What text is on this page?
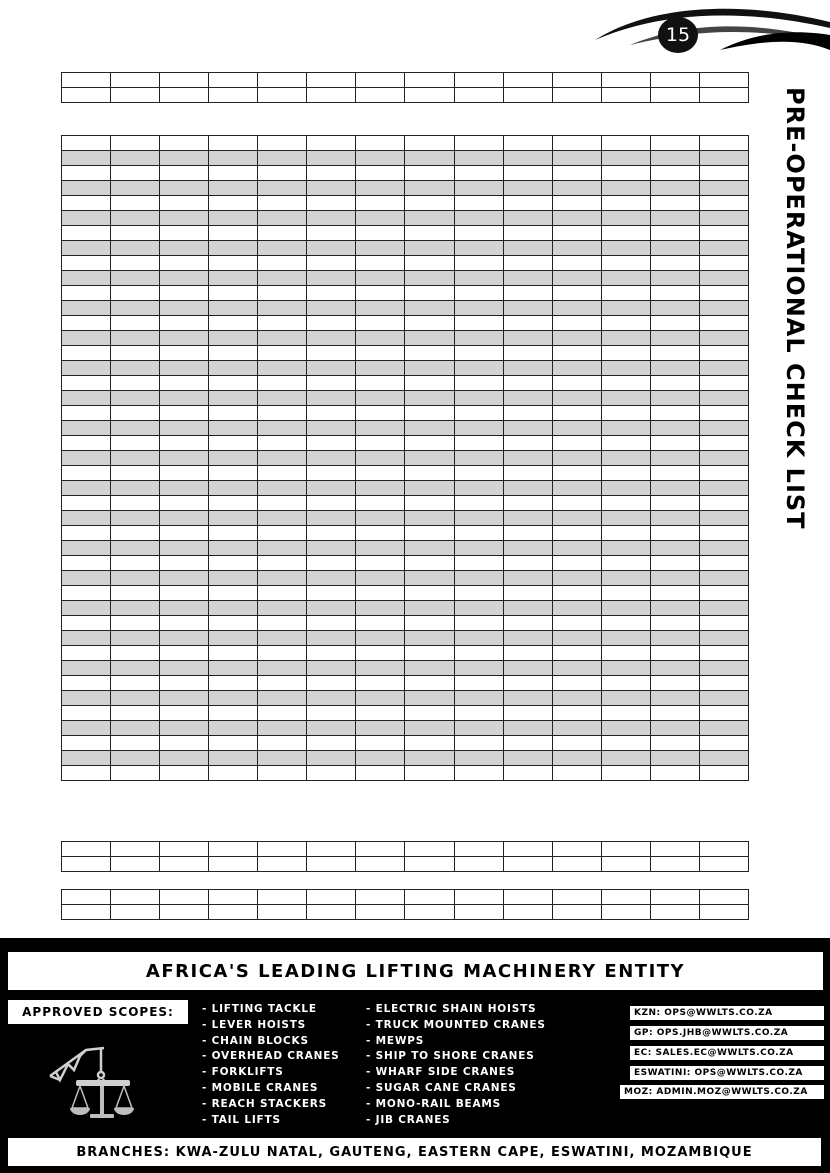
15
PRE-OPERATIONAL CHECK LIST

AFRICA'S LEADING LIFTING MACHINERY ENTITY
APPROVED SCOPES:	- LIFTING TACKLE
- LEVER HOISTS
- CHAIN BLOCKS
- OVERHEAD CRANES
- FORKLIFTS
- MOBILE CRANES
- REACH STACKERS
- TAIL LIFTS
- ELECTRIC SHAIN HOISTS
- TRUCK MOUNTED CRANES
- MEWPS
- SHIP TO SHORE CRANES
- WHARF SIDE CRANES
- SUGAR CANE CRANES
- MONO-RAIL BEAMS
- JIB CRANES
KZN: OPS@WWLTS.CO.ZA
GP: OPS.JHB@WWLTS.CO.ZA
EC: SALES.EC@WWLTS.CO.ZA
ESWATINI: OPS@WWLTS.CO.ZA
MOZ: ADMIN.MOZ@WWLTS.CO.ZA
BRANCHES: KWA-ZULU NATAL, GAUTENG, EASTERN CAPE, ESWATINI, MOZAMBIQUE
